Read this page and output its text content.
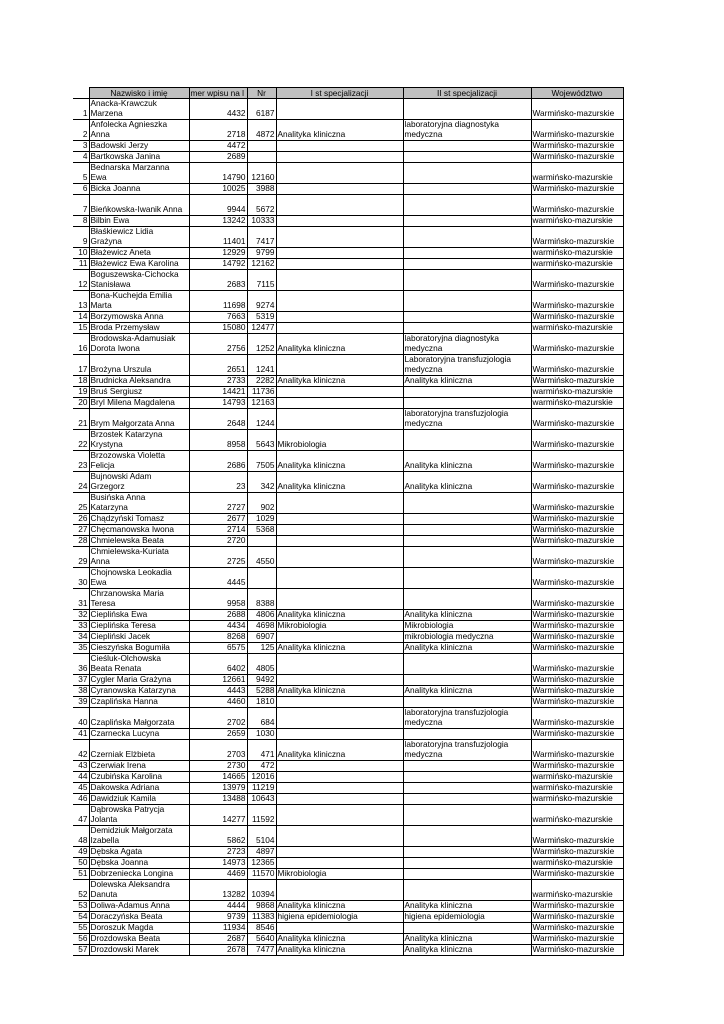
	Nazwisko i imię	mer wpisu na l	Nr	I st specjalizacji	II st specjalizacji	Województwo
1	Anacka-Krawczuk
Marzena	4432	6187			Warmińsko-mazurskie
2	Anfolecka Agnieszka
Anna	2718	4872	Analityka kliniczna	laboratoryjna diagnostyka
medyczna	Warmińsko-mazurskie
3	Badowski Jerzy	4472				Warmińsko-mazurskie
4	Bartkowska Janina	2689				Warmińsko-mazurskie
5	Bednarska Marzanna
Ewa	14790	12160			warmińsko-mazurskie
6	Bicka Joanna	10025	3988			Warmińsko-mazurskie
7	Bieńkowska-Iwanik Anna	9944	5672			Warmińsko-mazurskie
8	Bilbin Ewa	13242	10333			warmińsko-mazurskie
9	Błaśkiewicz Lidia
Grażyna	11401	7417			Warmińsko-mazurskie
10	Błażewicz Aneta	12929	9799			warmińsko-mazurskie
11	Błażewicz Ewa Karolina	14792	12162			warmińsko-mazurskie
12	Boguszewska-Cichocka
Stanisława	2683	7115			Warmińsko-mazurskie
13	Bona-Kuchejda Emilia
Marta	11698	9274			Warmińsko-mazurskie
14	Borzymowska Anna	7663	5319			Warmińsko-mazurskie
15	Broda Przemysław	15080	12477			warmińsko-mazurskie
16	Brodowska-Adamusiak
Dorota Iwona	2756	1252	Analityka kliniczna	laboratoryjna diagnostyka
medyczna	Warmińsko-mazurskie
17	Brożyna Urszula	2651	1241		Laboratoryjna transfuzjologia
medyczna	Warmińsko-mazurskie
18	Brudnicka Aleksandra	2733	2282	Analityka kliniczna	Analityka kliniczna	Warmińsko-mazurskie
19	Bruś Sergiusz	14421	11736			warmińsko-mazurskie
20	Bryl Milena Magdalena	14793	12163			warmińsko-mazurskie
21	Brym Małgorzata Anna	2648	1244		laboratoryjna transfuzjologia
medyczna	Warmińsko-mazurskie
22	Brzostek Katarzyna
Krystyna	8958	5643	Mikrobiologia		Warmińsko-mazurskie
23	Brzozowska Violetta
Felicja	2686	7505	Analityka kliniczna	Analityka kliniczna	Warmińsko-mazurskie
24	Bujnowski Adam
Grzegorz	23	342	Analityka kliniczna	Analityka kliniczna	Warmińsko-mazurskie
25	Busińska Anna
Katarzyna	2727	902			Warmińsko-mazurskie
26	Chądzyński Tomasz	2677	1029			Warmińsko-mazurskie
27	Chęcmanowska Iwona	2714	5368			Warmińsko-mazurskie
28	Chmielewska Beata	2720				Warmińsko-mazurskie
29	Chmielewska-Kuriata
Anna	2725	4550			Warmińsko-mazurskie
30	Chojnowska Leokadia
Ewa	4445				Warmińsko-mazurskie
31	Chrzanowska Maria
Teresa	9958	8388			Warmińsko-mazurskie
32	Cieplińska Ewa	2688	4806	Analityka kliniczna	Analityka kliniczna	Warmińsko-mazurskie
33	Cieplińska Teresa	4434	4698	Mikrobiologia	Mikrobiologia	Warmińsko-mazurskie
34	Ciepliński Jacek	8268	6907		mikrobiologia medyczna	Warmińsko-mazurskie
35	Cieszyńska Bogumiła	6575	125	Analityka kliniczna	Analityka kliniczna	Warmińsko-mazurskie
36	Cieśluk-Olchowska
Beata Renata	6402	4805			Warmińsko-mazurskie
37	Cygler Maria Grażyna	12661	9492			Warmińsko-mazurskie
38	Cyranowska Katarzyna	4443	5288	Analityka kliniczna	Analityka kliniczna	Warmińsko-mazurskie
39	Czaplińska Hanna	4460	1810			Warmińsko-mazurskie
40	Czaplińska Małgorzata	2702	684		laboratoryjna transfuzjologia
medyczna	Warmińsko-mazurskie
41	Czarnecka Lucyna	2659	1030			Warmińsko-mazurskie
42	Czerniak Elżbieta	2703	471	Analityka kliniczna	laboratoryjna transfuzjologia
medyczna	Warmińsko-mazurskie
43	Czerwiak Irena	2730	472			Warmińsko-mazurskie
44	Czubińska Karolina	14665	12016			warmińsko-mazurskie
45	Dakowska Adriana	13979	11219			warmińsko-mazurskie
46	Dawidziuk Kamila	13488	10643			warmińsko-mazurskie
47	Dąbrowska Patrycja
Jolanta	14277	11592			warmińsko-mazurskie
48	Demidziuk Małgorzata
Izabella	5862	5104			Warmińsko-mazurskie
49	Dębska Agata	2723	4897			Warmińsko-mazurskie
50	Dębska Joanna	14973	12365			warmińsko-mazurskie
51	Dobrzeniecka Longina	4469	11570	Mikrobiologia		Warmińsko-mazurskie
52	Dolewska Aleksandra
Danuta	13282	10394			warmińsko-mazurskie
53	Doliwa-Adamus Anna	4444	9868	Analityka kliniczna	Analityka kliniczna	Warmińsko-mazurskie
54	Doraczyńska Beata	9739	11383	higiena epidemiologia	higiena epidemiologia	Warmińsko-mazurskie
55	Doroszuk Magda	11934	8546			Warmińsko-mazurskie
56	Drozdowska Beata	2687	5640	Analityka kliniczna	Analityka kliniczna	Warmińsko-mazurskie
57	Drozdowski Marek	2678	7477	Analityka kliniczna	Analityka kliniczna	Warmińsko-mazurskie
